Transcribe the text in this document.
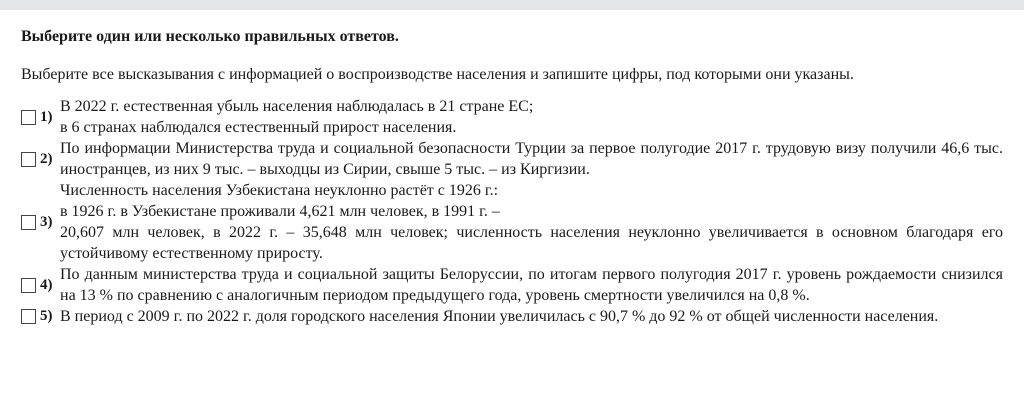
Выберите один или несколько правильных ответов.
Выберите все высказывания с информацией о воспроизводстве населения и запишите цифры, под которыми они указаны.
1)
В 2022 г. естественная убыль населения наблюдалась в 21 стране ЕС;
в 6 странах наблюдался естественный прирост населения.
2)
По информации Министерства труда и социальной безопасности Турции за первое полугодие 2017 г. трудовую визу получили 46,6 тыс. иностранцев, из них 9 тыс. – выходцы из Сирии, свыше 5 тыс. – из Киргизии.
3)
Численность населения Узбекистана неуклонно растёт с 1926 г.:
в 1926 г. в Узбекистане проживали 4,621 млн человек, в 1991 г. –
20,607 млн человек, в 2022 г. – 35,648 млн человек; численность населения неуклонно увеличивается в основном благодаря его устойчивому естественному приросту.
4)
По данным министерства труда и социальной защиты Белоруссии, по итогам первого полугодия 2017 г. уровень рождаемости снизился на 13 % по сравнению с аналогичным периодом предыдущего года, уровень смертности увеличился на 0,8 %.
5) В период с 2009 г. по 2022 г. доля городского населения Японии увеличилась с 90,7 % до 92 % от общей численности населения.
